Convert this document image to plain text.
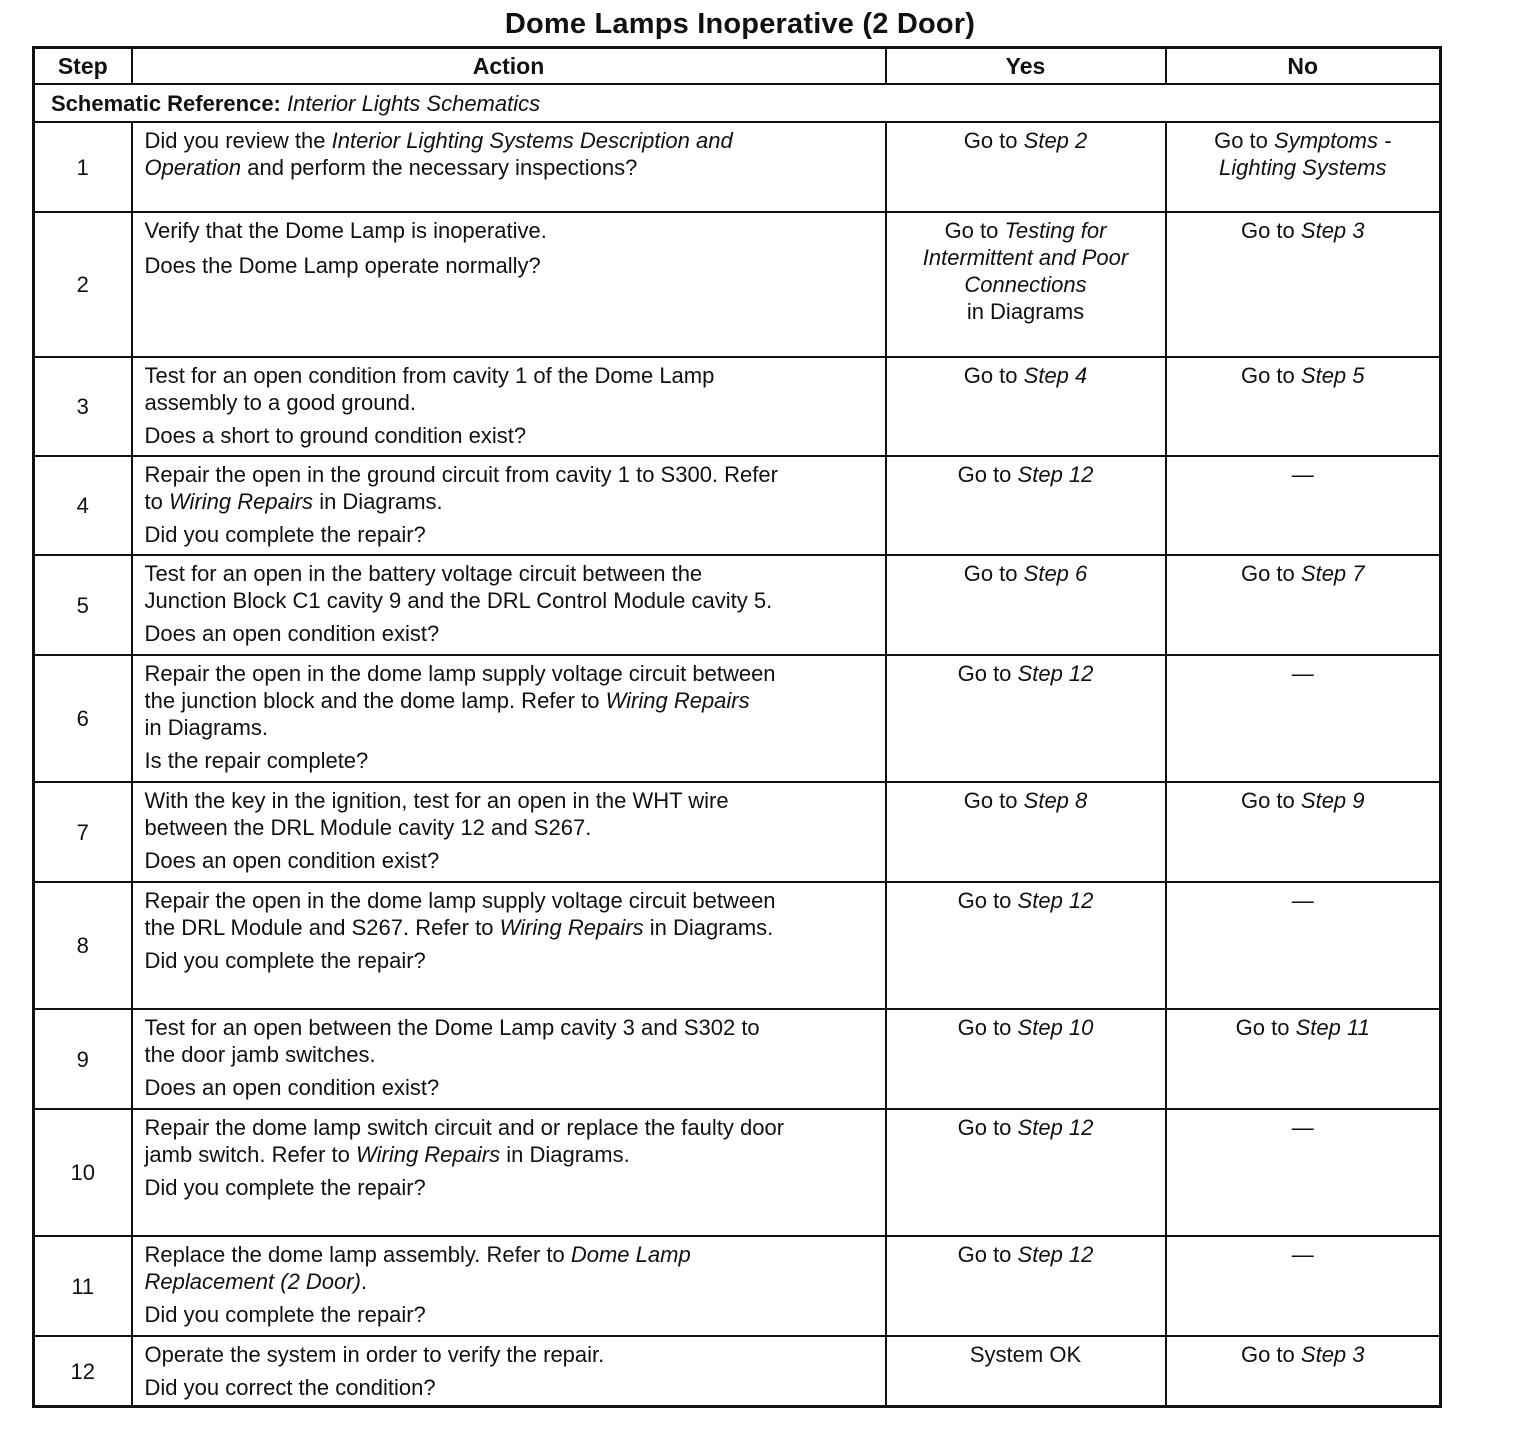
Dome Lamps Inoperative (2 Door)
Step	Action	Yes	No
Schematic Reference: Interior Lights Schematics			
1	Did you review the Interior Lighting Systems Description and
Operation and perform the necessary inspections?	Go to Step 2	Go to Symptoms -
Lighting Systems

2	Verify that the Dome Lamp is inoperative.
Does the Dome Lamp operate normally?	Go to Testing for
Intermittent and Poor
Connections
in Diagrams	Go to Step 3

3	Test for an open condition from cavity 1 of the Dome Lamp
assembly to a good ground.
Does a short to ground condition exist?	Go to Step 4	Go to Step 5

4	Repair the open in the ground circuit from cavity 1 to S300. Refer
to Wiring Repairs in Diagrams.
Did you complete the repair?	Go to Step 12	—

5	Test for an open in the battery voltage circuit between the
Junction Block C1 cavity 9 and the DRL Control Module cavity 5.
Does an open condition exist?	Go to Step 6	Go to Step 7

6	Repair the open in the dome lamp supply voltage circuit between
the junction block and the dome lamp. Refer to Wiring Repairs
in Diagrams.
Is the repair complete?	Go to Step 12	—

7	With the key in the ignition, test for an open in the WHT wire
between the DRL Module cavity 12 and S267.
Does an open condition exist?	Go to Step 8	Go to Step 9

8	Repair the open in the dome lamp supply voltage circuit between
the DRL Module and S267. Refer to Wiring Repairs in Diagrams.
Did you complete the repair?	Go to Step 12	—

9	Test for an open between the Dome Lamp cavity 3 and S302 to
the door jamb switches.
Does an open condition exist?	Go to Step 10	Go to Step 11

10	Repair the dome lamp switch circuit and or replace the faulty door
jamb switch. Refer to Wiring Repairs in Diagrams.
Did you complete the repair?	Go to Step 12	—

11	Replace the dome lamp assembly. Refer to Dome Lamp
Replacement (2 Door).
Did you complete the repair?	Go to Step 12	—

12	Operate the system in order to verify the repair.
Did you correct the condition?	System OK	Go to Step 3
